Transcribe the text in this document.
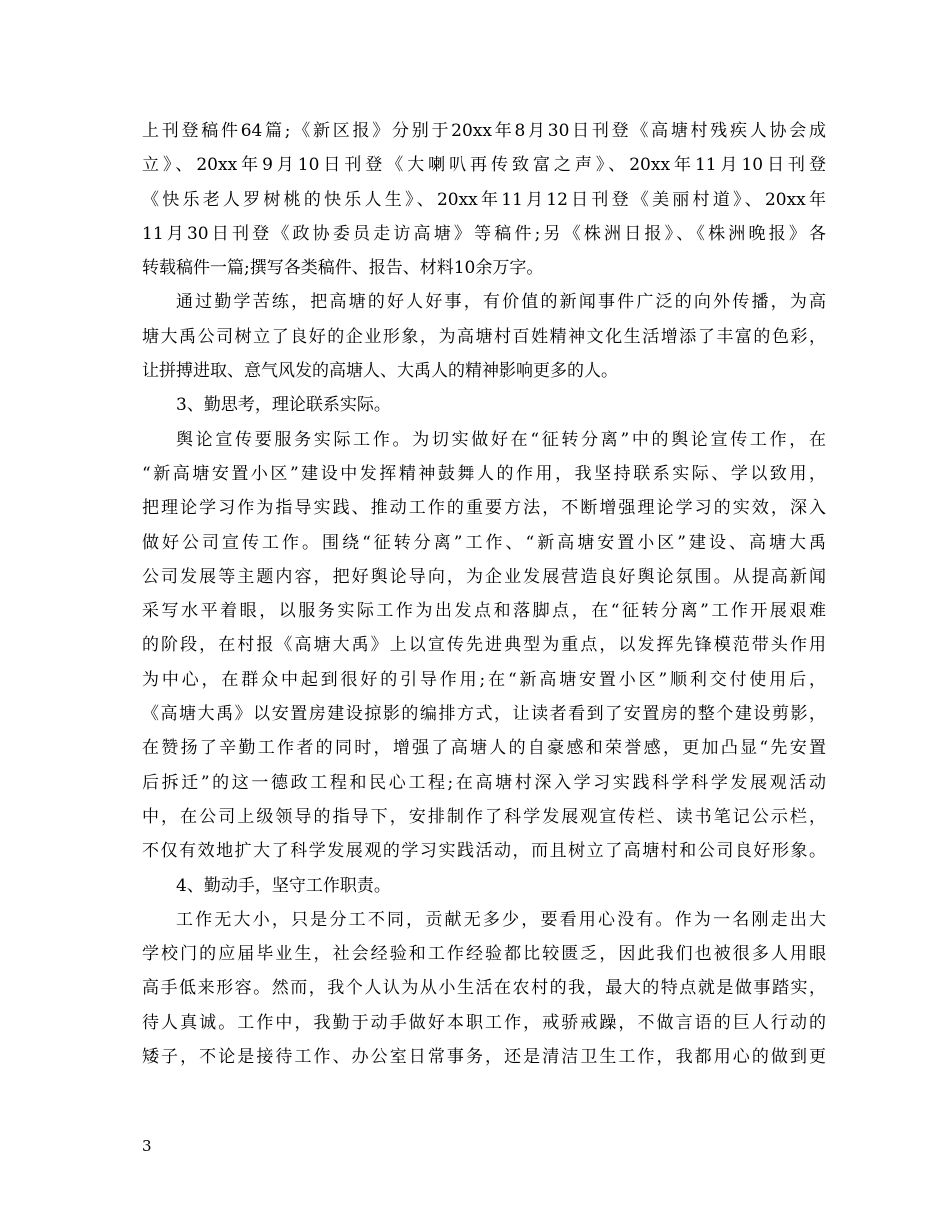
上刊登稿件64篇;《新区报》分别于20xx年8月30日刊登《高塘村残疾人协会成
立》、20xx年9月10日刊登《大喇叭再传致富之声》、20xx年11月10日刊登
《快乐老人罗树桃的快乐人生》、20xx年11月12日刊登《美丽村道》、20xx年
11月30日刊登《政协委员走访高塘》等稿件;另《株洲日报》、《株洲晚报》各
转载稿件一篇;撰写各类稿件、报告、材料10余万字。
通过勤学苦练，把高塘的好人好事，有价值的新闻事件广泛的向外传播，为高
塘大禹公司树立了良好的企业形象，为高塘村百姓精神文化生活增添了丰富的色彩，
让拼搏进取、意气风发的高塘人、大禹人的精神影响更多的人。
3、勤思考，理论联系实际。
舆论宣传要服务实际工作。为切实做好在“征转分离”中的舆论宣传工作，在
“新高塘安置小区”建设中发挥精神鼓舞人的作用，我坚持联系实际、学以致用，
把理论学习作为指导实践、推动工作的重要方法，不断增强理论学习的实效，深入
做好公司宣传工作。围绕“征转分离”工作、“新高塘安置小区”建设、高塘大禹
公司发展等主题内容，把好舆论导向，为企业发展营造良好舆论氛围。从提高新闻
采写水平着眼，以服务实际工作为出发点和落脚点，在“征转分离”工作开展艰难
的阶段，在村报《高塘大禹》上以宣传先进典型为重点，以发挥先锋模范带头作用
为中心，在群众中起到很好的引导作用;在“新高塘安置小区”顺利交付使用后，
《高塘大禹》以安置房建设掠影的编排方式，让读者看到了安置房的整个建设剪影，
在赞扬了辛勤工作者的同时，增强了高塘人的自豪感和荣誉感，更加凸显“先安置
后拆迁”的这一德政工程和民心工程;在高塘村深入学习实践科学科学发展观活动
中，在公司上级领导的指导下，安排制作了科学发展观宣传栏、读书笔记公示栏，
不仅有效地扩大了科学发展观的学习实践活动，而且树立了高塘村和公司良好形象。
4、勤动手，坚守工作职责。
工作无大小，只是分工不同，贡献无多少，要看用心没有。作为一名刚走出大
学校门的应届毕业生，社会经验和工作经验都比较匮乏，因此我们也被很多人用眼
高手低来形容。然而，我个人认为从小生活在农村的我，最大的特点就是做事踏实，
待人真诚。工作中，我勤于动手做好本职工作，戒骄戒躁，不做言语的巨人行动的
矮子，不论是接待工作、办公室日常事务，还是清洁卫生工作，我都用心的做到更
3
